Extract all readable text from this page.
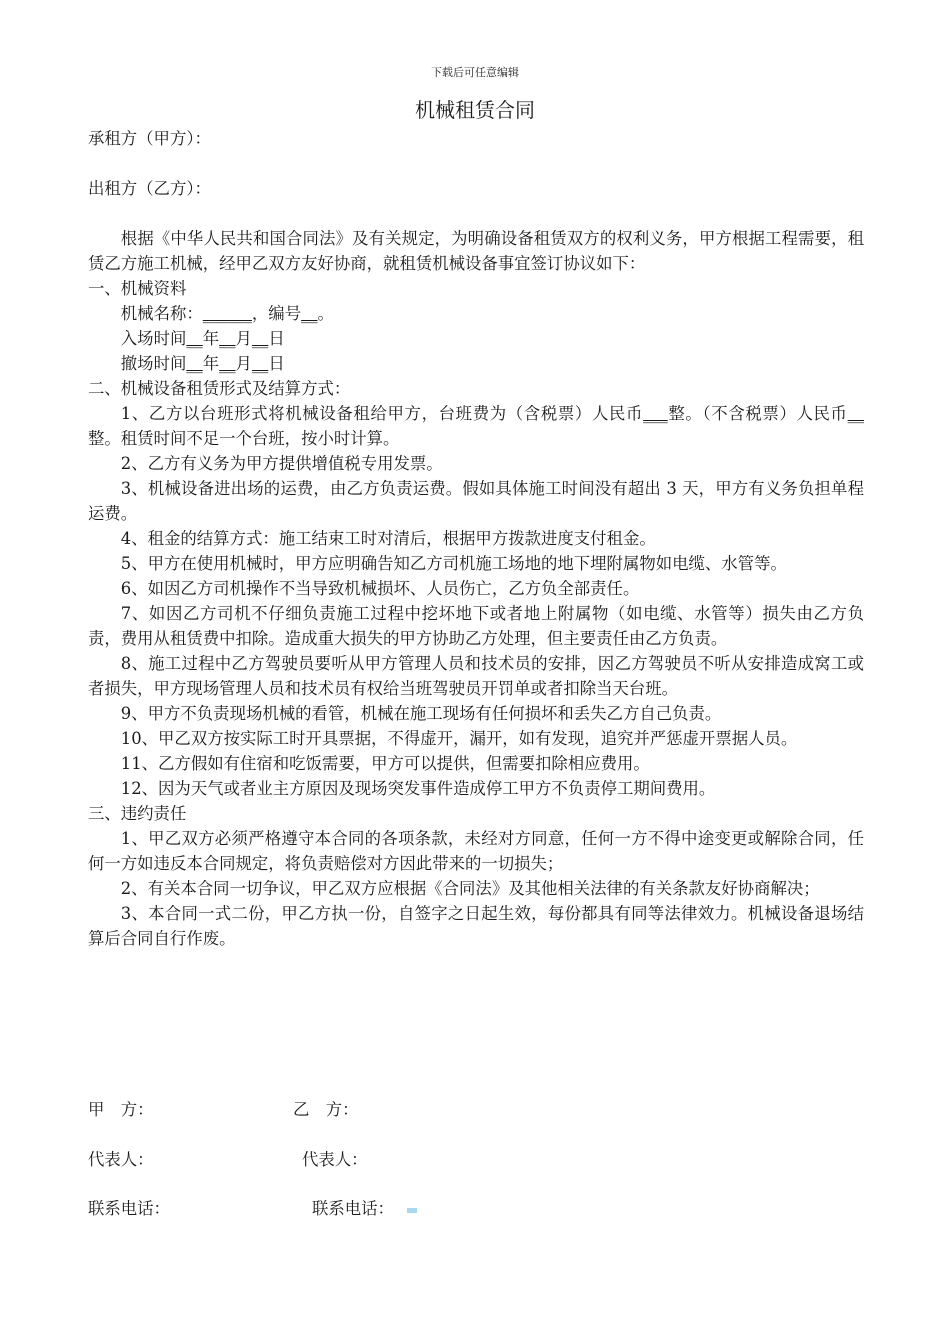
下载后可任意编辑
机械租赁合同

承租方（甲方）：

出租方（乙方）：

根据《中华人民共和国合同法》及有关规定，为明确设备租赁双方的权利义务，甲方根据工程需要，租赁乙方施工机械，经甲乙双方友好协商，就租赁机械设备事宜签订协议如下：

一、机械资料

机械名称：______，编号__。

入场时间__年__月__日

撤场时间__年__月__日

二、机械设备租赁形式及结算方式：

1、乙方以台班形式将机械设备租给甲方，台班费为（含税票）人民币___整。（不含税票）人民币__整。租赁时间不足一个台班，按小时计算。

2、乙方有义务为甲方提供增值税专用发票。

3、机械设备进出场的运费，由乙方负责运费。假如具体施工时间没有超出 3 天，甲方有义务负担单程运费。

4、租金的结算方式：施工结束工时对清后，根据甲方拨款进度支付租金。

5、甲方在使用机械时，甲方应明确告知乙方司机施工场地的地下埋附属物如电缆、水管等。

6、如因乙方司机操作不当导致机械损坏、人员伤亡，乙方负全部责任。

7、如因乙方司机不仔细负责施工过程中挖坏地下或者地上附属物（如电缆、水管等）损失由乙方负责，费用从租赁费中扣除。造成重大损失的甲方协助乙方处理，但主要责任由乙方负责。

8、施工过程中乙方驾驶员要听从甲方管理人员和技术员的安排，因乙方驾驶员不听从安排造成窝工或者损失，甲方现场管理人员和技术员有权给当班驾驶员开罚单或者扣除当天台班。

9、甲方不负责现场机械的看管，机械在施工现场有任何损坏和丢失乙方自己负责。

10、甲乙双方按实际工时开具票据，不得虚开，漏开，如有发现，追究并严惩虚开票据人员。

11、乙方假如有住宿和吃饭需要，甲方可以提供，但需要扣除相应费用。

12、因为天气或者业主方原因及现场突发事件造成停工甲方不负责停工期间费用。

三、违约责任

1、甲乙双方必须严格遵守本合同的各项条款，未经对方同意，任何一方不得中途变更或解除合同，任何一方如违反本合同规定，将负责赔偿对方因此带来的一切损失；

2、有关本合同一切争议，甲乙双方应根据《合同法》及其他相关法律的有关条款友好协商解决；

3、本合同一式二份，甲乙方执一份，自签字之日起生效，每份都具有同等法律效力。机械设备退场结算后合同自行作废。

甲　方：	乙　方：
代表人：	代表人：
联系电话：	联系电话：
